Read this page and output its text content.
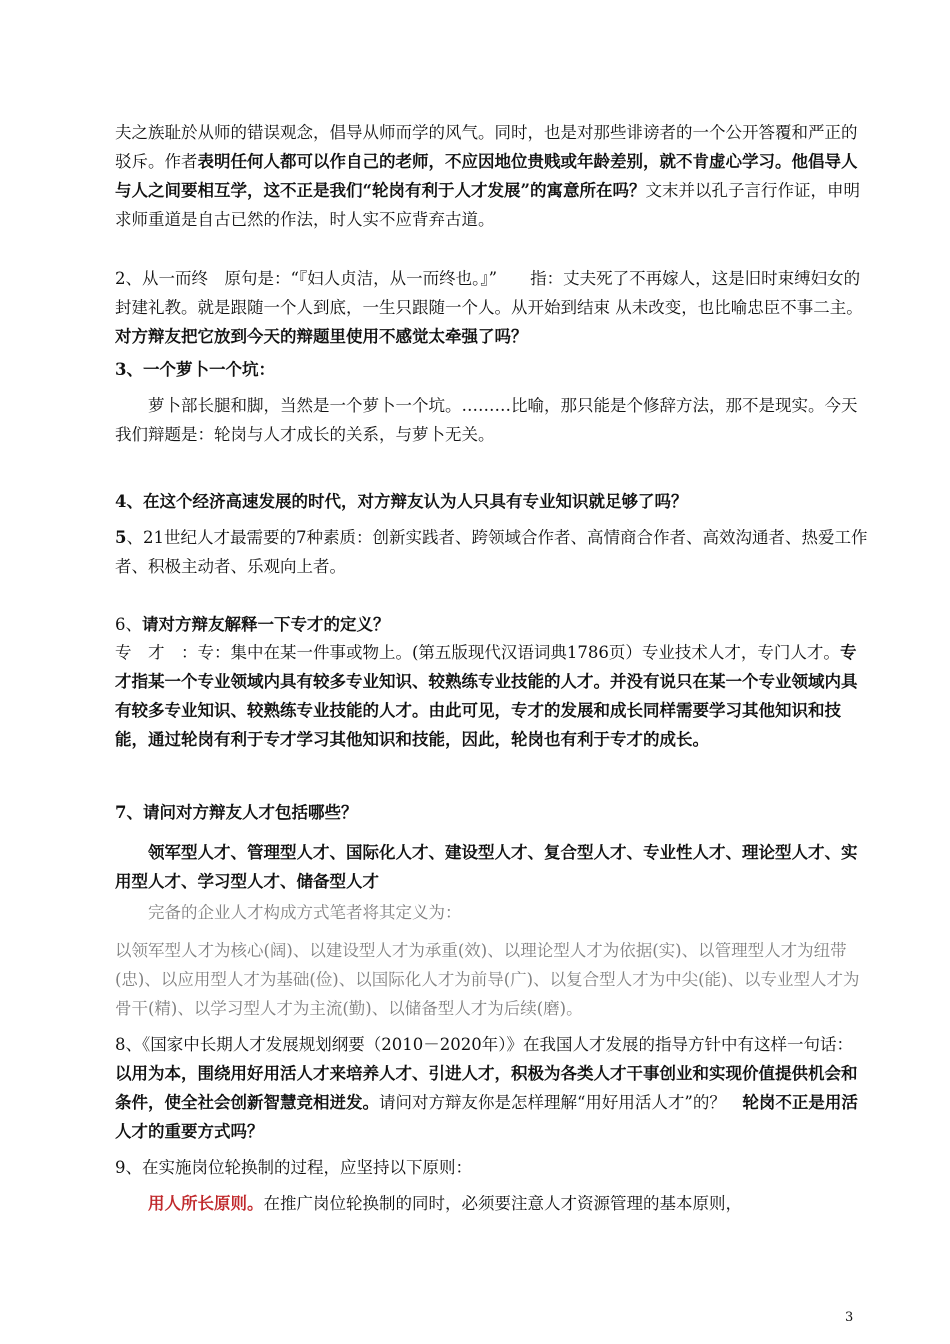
夫之族耻於从师的错误观念，倡导从师而学的风气。同时，也是对那些诽谤者的一个公开答覆和严正的驳斥。作者表明任何人都可以作自己的老师，不应因地位贵贱或年龄差别，就不肯虚心学习。他倡导人与人之间要相互学，这不正是我们“轮岗有利于人才发展”的寓意所在吗？文末并以孔子言行作证，申明求师重道是自古已然的作法，时人实不应背弃古道。

2、从一而终　原句是：“『妇人贞洁，从一而终也。』”　　指：丈夫死了不再嫁人，这是旧时束缚妇女的封建礼教。就是跟随一个人到底，一生只跟随一个人。从开始到结束 从未改变，也比喻忠臣不事二主。对方辩友把它放到今天的辩题里使用不感觉太牵强了吗？

3、一个萝卜一个坑：

萝卜部长腿和脚，当然是一个萝卜一个坑。………比喻，那只能是个修辞方法，那不是现实。今天我们辩题是：轮岗与人才成长的关系，与萝卜无关。

4、在这个经济高速发展的时代，对方辩友认为人只具有专业知识就足够了吗？

5、21世纪人才最需要的7种素质：创新实践者、跨领域合作者、高情商合作者、高效沟通者、热爱工作者、积极主动者、乐观向上者。

6、请对方辩友解释一下专才的定义？

专　才　：专：集中在某一件事或物上。(第五版现代汉语词典1786页）专业技术人才，专门人才。专才指某一个专业领域内具有较多专业知识、较熟练专业技能的人才。并没有说只在某一个专业领域内具有较多专业知识、较熟练专业技能的人才。由此可见，专才的发展和成长同样需要学习其他知识和技能，通过轮岗有利于专才学习其他知识和技能，因此，轮岗也有利于专才的成长。

7、请问对方辩友人才包括哪些？

领军型人才、管理型人才、国际化人才、建设型人才、复合型人才、专业性人才、理论型人才、实用型人才、学习型人才、储备型人才

完备的企业人才构成方式笔者将其定义为：

以领军型人才为核心(阔)、以建设型人才为承重(效)、以理论型人才为依据(实)、以管理型人才为纽带(忠)、以应用型人才为基础(俭)、以国际化人才为前导(广)、以复合型人才为中尖(能)、以专业型人才为骨干(精)、以学习型人才为主流(勤)、以储备型人才为后续(磨)。

8、《国家中长期人才发展规划纲要（2010－2020年）》在我国人才发展的指导方针中有这样一句话：　以用为本，围绕用好用活人才来培养人才、引进人才，积极为各类人才干事创业和实现价值提供机会和条件，使全社会创新智慧竞相迸发。请问对方辩友你是怎样理解“用好用活人才”的？　轮岗不正是用活人才的重要方式吗？

9、在实施岗位轮换制的过程，应坚持以下原则：

用人所长原则。在推广岗位轮换制的同时，必须要注意人才资源管理的基本原则，

3
